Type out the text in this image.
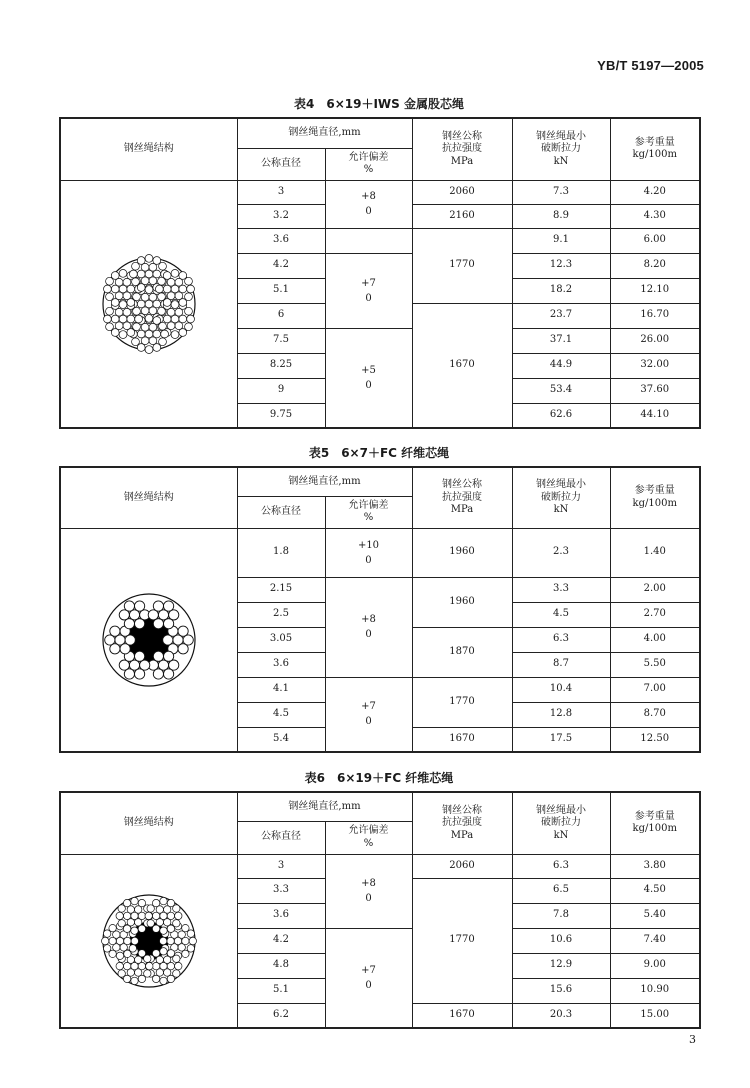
YB/T 5197—2005
表4　6×19＋IWS 金属股芯绳
钢丝绳结构	钢丝绳直径,mm		钢丝公称
抗拉强度
MPa	钢丝绳最小
破断拉力
kN	参考重量
kg/100m
	公称直径	允许偏差
%			

	3	+8
0	2060	7.3	4.20
	3.2		2160	8.9	4.30
	3.6		1770	9.1	6.00
	4.2	+7
0		12.3	8.20
	5.1			18.2	12.10
	6		1670	23.7	16.70
	7.5	+5
0		37.1	26.00
	8.25			44.9	32.00
	9			53.4	37.60
	9.75			62.6	44.10
表5　6×7＋FC 纤维芯绳
钢丝绳结构	钢丝绳直径,mm		钢丝公称
抗拉强度
MPa	钢丝绳最小
破断拉力
kN	参考重量
kg/100m
	公称直径	允许偏差
%			

	1.8	+10
0	1960	2.3	1.40
	2.15	+8
0	1960	3.3	2.00
	2.5			4.5	2.70
	3.05		1870	6.3	4.00
	3.6			8.7	5.50
	4.1	+7
0	1770	10.4	7.00
	4.5			12.8	8.70
	5.4		1670	17.5	12.50
表6　6×19＋FC 纤维芯绳
钢丝绳结构	钢丝绳直径,mm		钢丝公称
抗拉强度
MPa	钢丝绳最小
破断拉力
kN	参考重量
kg/100m
	公称直径	允许偏差
%			

	3	+8
0	2060	6.3	3.80
	3.3		1770	6.5	4.50
	3.6			7.8	5.40
	4.2	+7
0		10.6	7.40
	4.8			12.9	9.00
	5.1			15.6	10.90
	6.2		1670	20.3	15.00
3
